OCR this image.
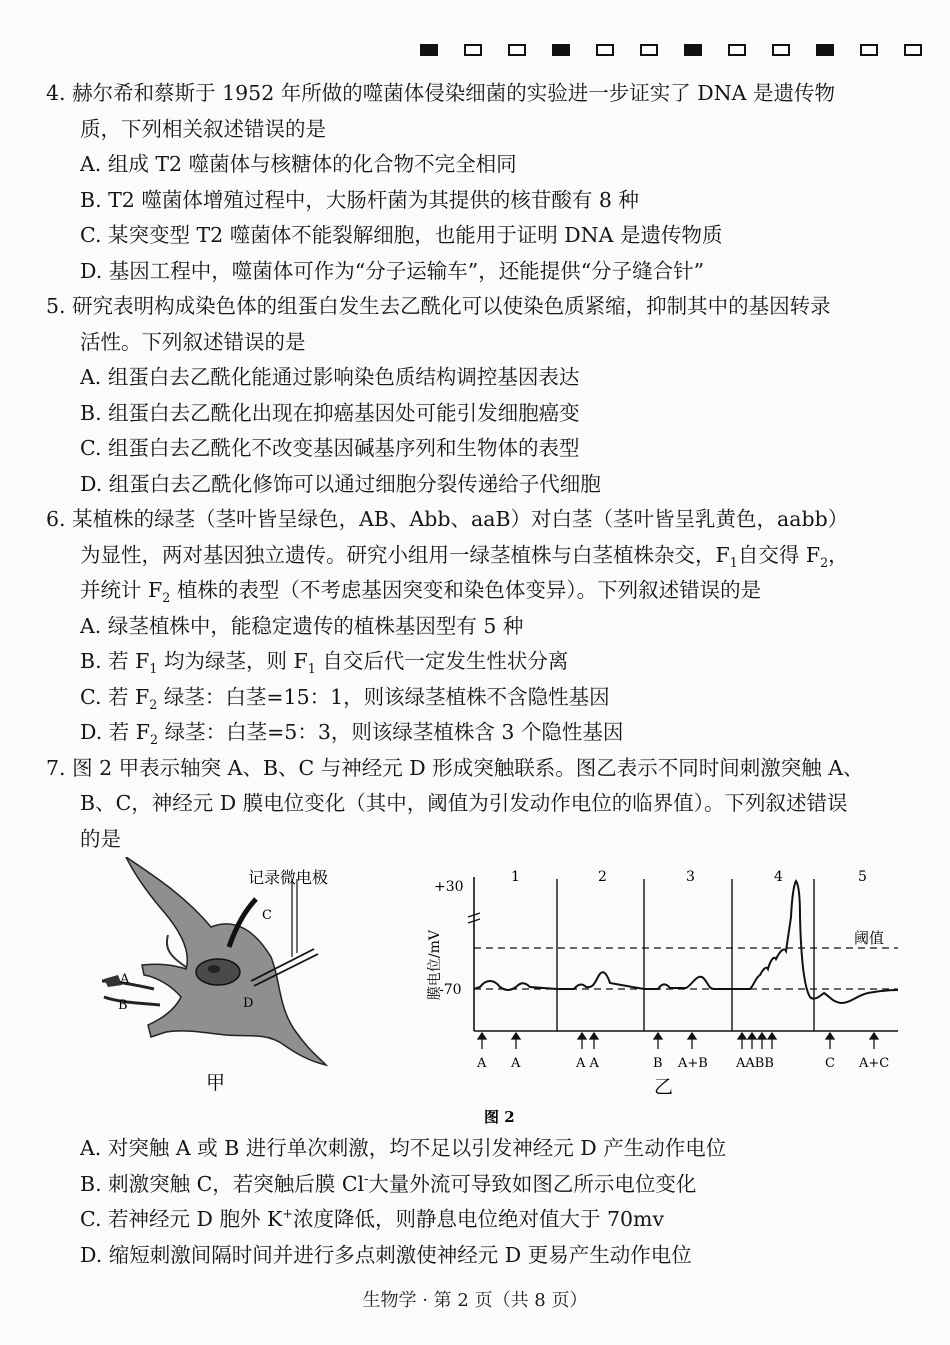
4. 赫尔希和蔡斯于 1952 年所做的噬菌体侵染细菌的实验进一步证实了 DNA 是遗传物
质，下列相关叙述错误的是
A. 组成 T2 噬菌体与核糖体的化合物不完全相同
B. T2 噬菌体增殖过程中，大肠杆菌为其提供的核苷酸有 8 种
C. 某突变型 T2 噬菌体不能裂解细胞，也能用于证明 DNA 是遗传物质
D. 基因工程中，噬菌体可作为“分子运输车”，还能提供“分子缝合针”
5. 研究表明构成染色体的组蛋白发生去乙酰化可以使染色质紧缩，抑制其中的基因转录
活性。下列叙述错误的是
A. 组蛋白去乙酰化能通过影响染色质结构调控基因表达
B. 组蛋白去乙酰化出现在抑癌基因处可能引发细胞癌变
C. 组蛋白去乙酰化不改变基因碱基序列和生物体的表型
D. 组蛋白去乙酰化修饰可以通过细胞分裂传递给子代细胞
6. 某植株的绿茎（茎叶皆呈绿色，AB、Abb、aaB）对白茎（茎叶皆呈乳黄色，aabb）
为显性，两对基因独立遗传。研究小组用一绿茎植株与白茎植株杂交，$F_1$自交得 $F_2$，
并统计 $F_2$ 植株的表型（不考虑基因突变和染色体变异）。下列叙述错误的是
A. 绿茎植株中，能稳定遗传的植株基因型有 5 种
B. 若 $F_1$ 均为绿茎，则 $F_1$ 自交后代一定发生性状分离
C. 若 $F_2$ 绿茎：白茎=15：1，则该绿茎植株不含隐性基因
D. 若 $F_2$ 绿茎：白茎=5：3，则该绿茎植株含 3 个隐性基因
7. 图 2 甲表示轴突 A、B、C 与神经元 D 形成突触联系。图乙表示不同时间刺激突触 A、
B、C，神经元 D 膜电位变化（其中，阈值为引发动作电位的临界值）。下列叙述错误
的是
记录微电极
A
B
C
D
甲
+30
-70
膜电位/mV	阈值
1	2	3	4	5
A A	A A	B A+B AABB	C A+C
乙
图 2
A. 对突触 A 或 B 进行单次刺激，均不足以引发神经元 D 产生动作电位
B. 刺激突触 C，若突触后膜 Cl-大量外流可导致如图乙所示电位变化
C. 若神经元 D 胞外 K+浓度降低，则静息电位绝对值大于 70mv
D. 缩短刺激间隔时间并进行多点刺激使神经元 D 更易产生动作电位
生物学 · 第 2 页（共 8 页）
